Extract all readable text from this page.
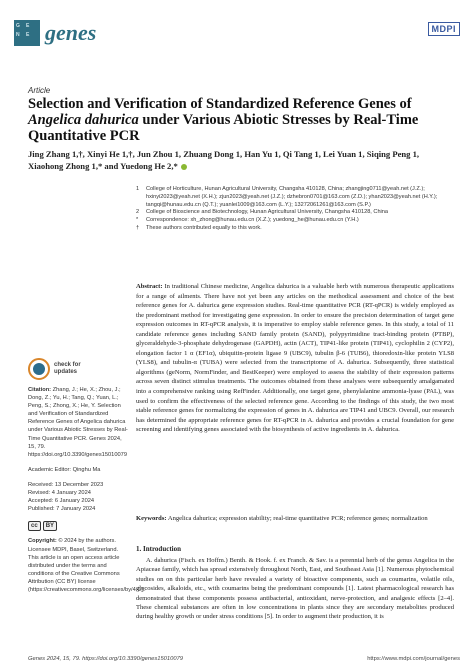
G E
N E genes	MDPI
Article
Selection and Verification of Standardized Reference Genes of Angelica dahurica under Various Abiotic Stresses by Real-Time Quantitative PCR
Jing Zhang 1,†, Xinyi He 1,†, Jun Zhou 1, Zhuang Dong 1, Han Yu 1, Qi Tang 1, Lei Yuan 1, Siqing Peng 1, Xiaohong Zhong 1,* and Yuedong He 2,*
1	College of Horticulture, Hunan Agricultural University, Changsha 410128, China; zhangjing0711@yeah.net (J.Z.); hxinyi2023@yeah.net (X.H.); zjun2023@yeah.net (J.Z.); dzhebron0701@163.com (Z.D.); yhan2023@yeah.net (H.Y.); tangqi@hunau.edu.cn (Q.T.); yuanlei1009@163.com (L.Y.); 13272061261@163.com (S.P.)
2	College of Bioscience and Biotechnology, Hunan Agricultural University, Changsha 410128, China
*	Correspondence: xh_zhong@hunau.edu.cn (X.Z.); yuedong_he@hunau.edu.cn (Y.H.)
†	These authors contributed equally to this work.
Abstract: In traditional Chinese medicine, Angelica dahurica is a valuable herb with numerous therapeutic applications for a range of ailments. There have not yet been any articles on the methodical assessment and choice of the best reference genes for A. dahurica gene expression studies. Real-time quantitative PCR (RT-qPCR) is widely employed as the predominant method for investigating gene expression. In order to ensure the precision determination of target gene expression outcomes in RT-qPCR analysis, it is imperative to employ stable reference genes. In this study, a total of 11 candidate reference genes including SAND family protein (SAND), polypyrimidine tract-binding protein (PTBP), glyceraldehyde-3-phosphate dehydrogenase (GAPDH), actin (ACT), TIP41-like protein (TIP41), cyclophilin 2 (CYP2), elongation factor 1 α (EF1α), ubiquitin-protein ligase 9 (UBC9), tubulin β-6 (TUB6), thioredoxin-like protein YLS8 (YLS8), and tubulin-α (TUBA) were selected from the transcriptome of A. dahurica. Subsequently, three statistical algorithms (geNorm, NormFinder, and BestKeeper) were employed to assess the stability of their expression patterns across seven distinct stimulus treatments. The outcomes obtained from these analyses were subsequently amalgamated into a comprehensive ranking using RefFinder. Additionally, one target gene, phenylalanine ammonia-lyase (PAL), was used to confirm the effectiveness of the selected reference gene. According to the findings of this study, the two most stable reference genes for normalizing the expression of genes in A. dahurica are TIP41 and UBC9. Overall, our research has determined the appropriate reference genes for RT-qPCR in A. dahurica and provides a crucial foundation for gene screening and identifying genes associated with the biosynthesis of active ingredients in A. dahurica.
Keywords: Angelica dahurica; expression stability; real-time quantitative PCR; reference genes; normalization
1. Introduction
A. dahurica (Fisch. ex Hoffm.) Benth. & Hook. f. ex Franch. & Sav. is a perennial herb of the genus Angelica in the Apiaceae family, which has spread extensively throughout North, East, and Southeast Asia [1]. Numerous phytochemical studies on on this particular herb have revealed a variety of bioactive components, such as coumarins, volatile oils, glycosides, alkaloids, etc., with coumarins being the predominant compounds [1]. Latest pharmacological research has demonstrated that these components possess antibacterial, antioxidant, nerve-protection, and analgesic effects [2–4]. These chemical substances are often in low concentrations in plants since they are secondary metabolites produced during healthy growth or under stress conditions [5]. In order to augment their production, it is
check for
updates

Citation: Zhang, J.; He, X.; Zhou, J.; Dong, Z.; Yu, H.; Tang, Q.; Yuan, L.; Peng, S.; Zhong, X.; He, Y. Selection and Verification of Standardized Reference Genes of Angelica dahurica under Various Abiotic Stresses by Real-Time Quantitative PCR. Genes 2024, 15, 79. https://doi.org/10.3390/genes15010079

Academic Editor: Qinghu Ma

Received: 13 December 2023

Revised: 4 January 2024

Accepted: 6 January 2024

Published: 7 January 2024

cc	BY

Copyright: © 2024 by the authors. Licensee MDPI, Basel, Switzerland. This article is an open access article distributed under the terms and conditions of the Creative Commons Attribution (CC BY) license (https://creativecommons.org/licenses/by/4.0/).

Genes 2024, 15, 79. https://doi.org/10.3390/genes15010079	https://www.mdpi.com/journal/genes
